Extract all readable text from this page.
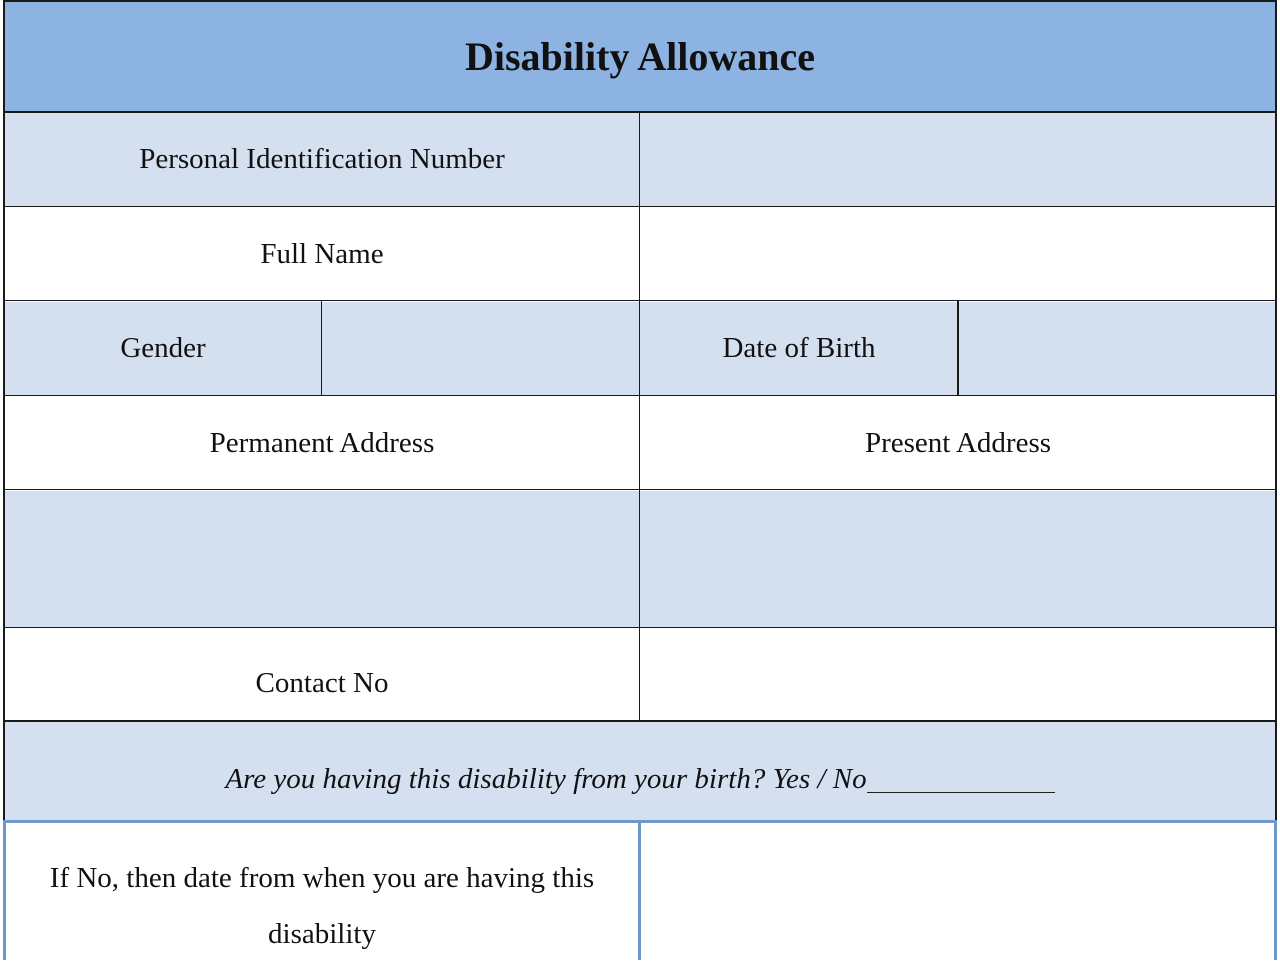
Disability Allowance
Personal Identification Number
Full Name
Gender	Date of Birth
Permanent Address	Present Address
Contact No
Are you having this disability from your birth? Yes / No
If No, then date from when you are having this disability
